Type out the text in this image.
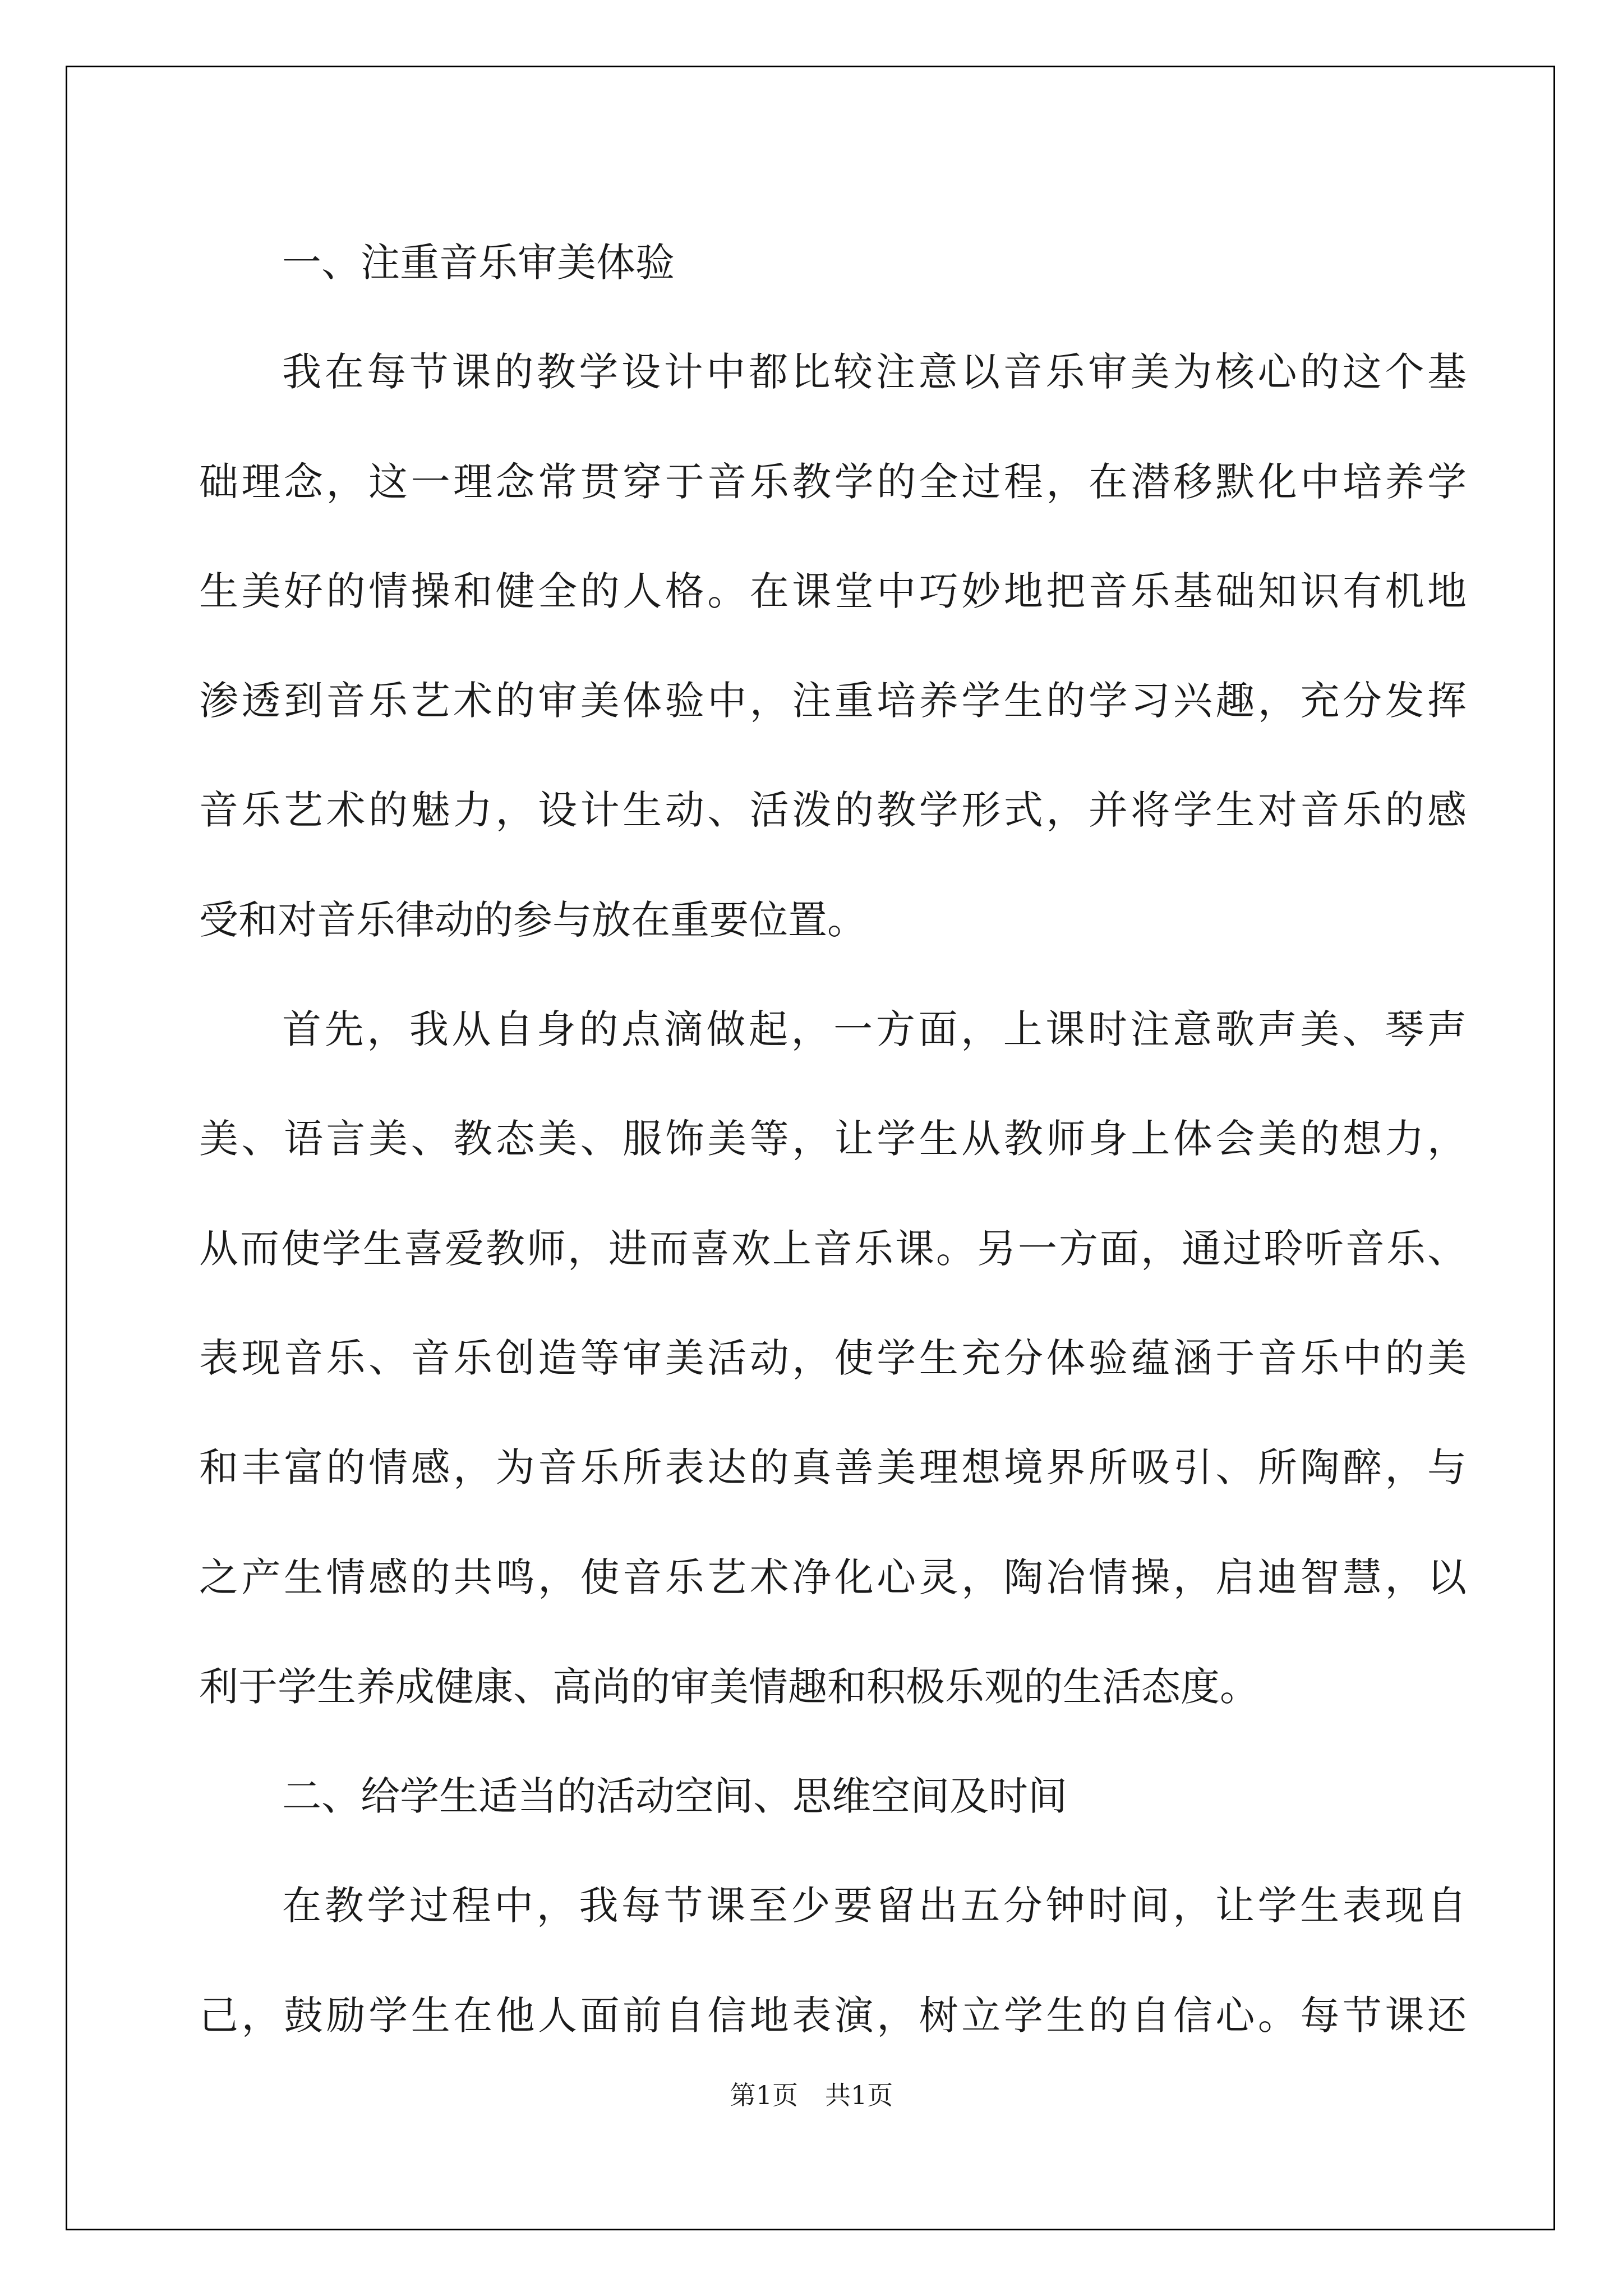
一、注重音乐审美体验
我在每节课的教学设计中都比较注意以音乐审美为核心的这个基
础理念，这一理念常贯穿于音乐教学的全过程，在潜移默化中培养学
生美好的情操和健全的人格。在课堂中巧妙地把音乐基础知识有机地
渗透到音乐艺术的审美体验中，注重培养学生的学习兴趣，充分发挥
音乐艺术的魅力，设计生动、活泼的教学形式，并将学生对音乐的感
受和对音乐律动的参与放在重要位置。
首先，我从自身的点滴做起，一方面，上课时注意歌声美、琴声
美、语言美、教态美、服饰美等，让学生从教师身上体会美的想力，
从而使学生喜爱教师，进而喜欢上音乐课。另一方面，通过聆听音乐、
表现音乐、音乐创造等审美活动，使学生充分体验蕴涵于音乐中的美
和丰富的情感，为音乐所表达的真善美理想境界所吸引、所陶醉，与
之产生情感的共鸣，使音乐艺术净化心灵，陶冶情操，启迪智慧，以
利于学生养成健康、高尚的审美情趣和积极乐观的生活态度。
二、给学生适当的活动空间、思维空间及时间
在教学过程中，我每节课至少要留出五分钟时间，让学生表现自
己，鼓励学生在他人面前自信地表演，树立学生的自信心。每节课还
第1页 共1页
